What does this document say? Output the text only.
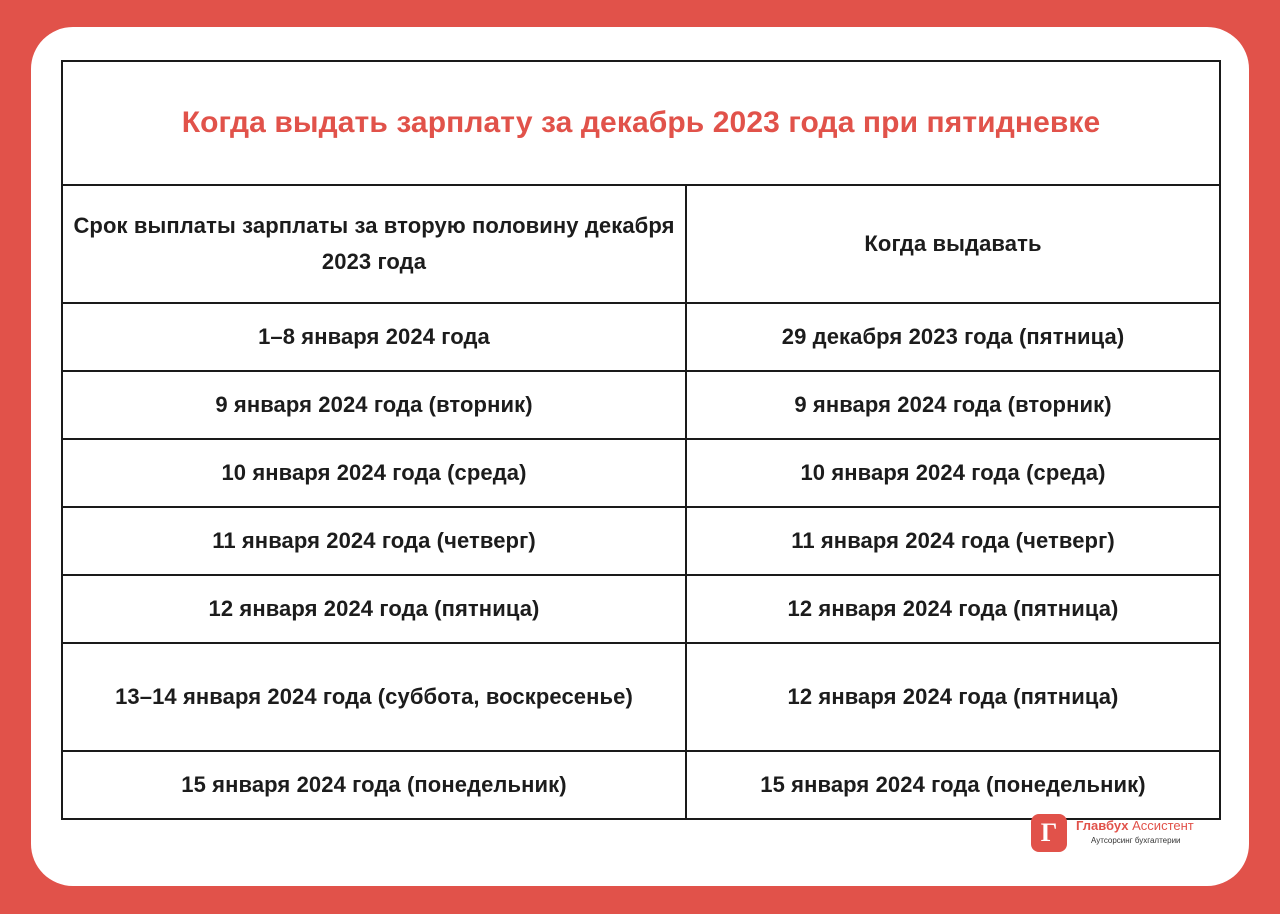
Когда выдать зарплату за декабрь 2023 года при пятидневке	
Срок выплаты зарплаты за вторую половину декабря 2023 года	Когда выдавать
1–8 января 2024 года	29 декабря 2023 года (пятница)
9 января 2024 года (вторник)	9 января 2024 года (вторник)
10 января 2024 года (среда)	10 января 2024 года (среда)
11 января 2024 года (четверг)	11 января 2024 года (четверг)
12 января 2024 года (пятница)	12 января 2024 года (пятница)
13–14 января 2024 года (суббота, воскресенье)	12 января 2024 года (пятница)
15 января 2024 года (понедельник)	15 января 2024 года (понедельник)
Г	Главбух Ассистент
Аутсорсинг бухгалтерии
